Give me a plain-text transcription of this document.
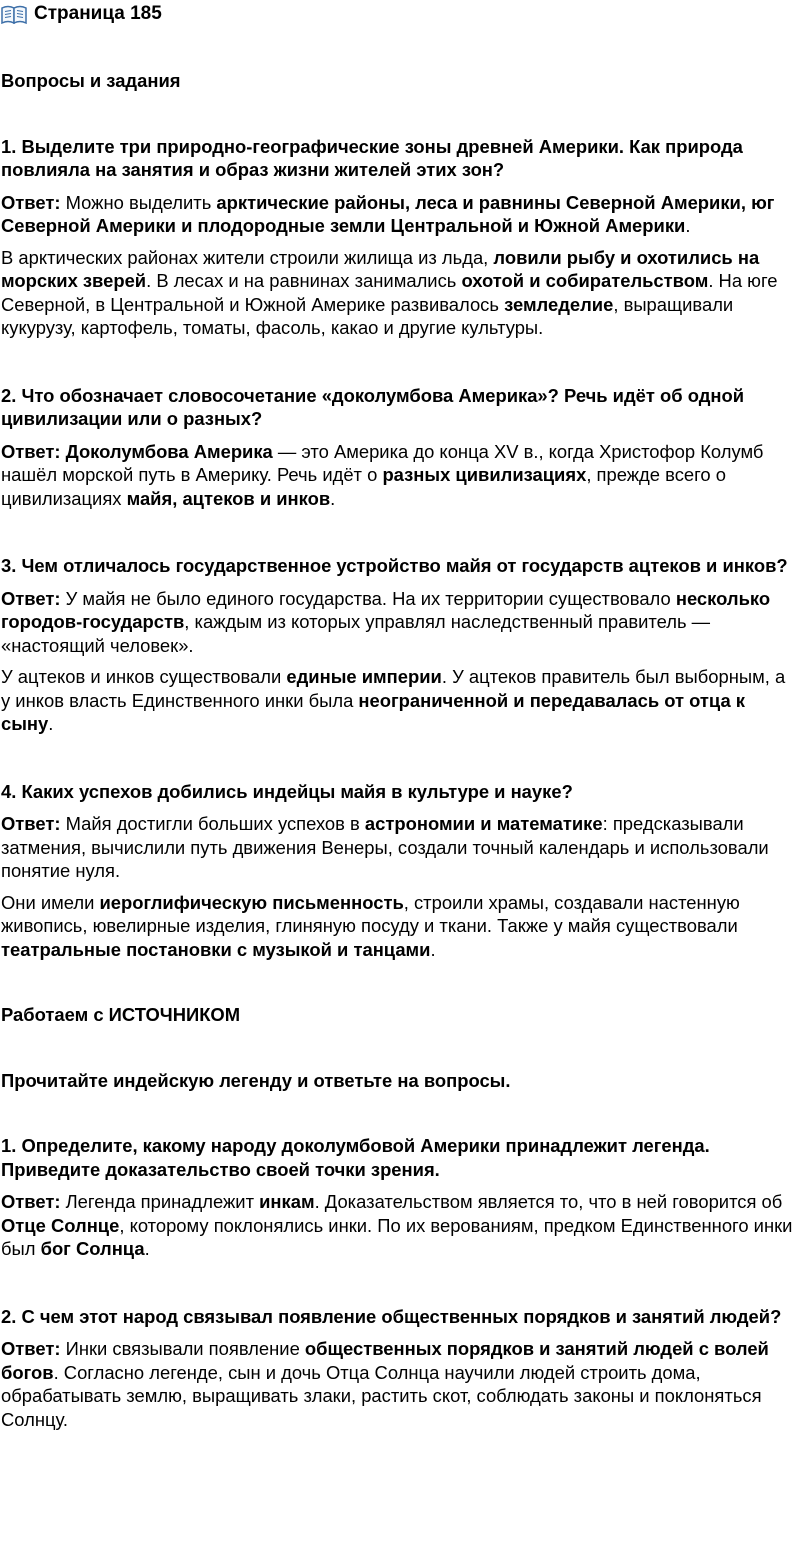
Страница 185
Вопросы и задания
1. Выделите три природно-географические зоны древней Америки. Как природа повлияла на занятия и образ жизни жителей этих зон?

Ответ: Можно выделить арктические районы, леса и равнины Северной Америки, юг Северной Америки и плодородные земли Центральной и Южной Америки.

В арктических районах жители строили жилища из льда, ловили рыбу и охотились на морских зверей. В лесах и на равнинах занимались охотой и собирательством. На юге Северной, в Центральной и Южной Америке развивалось земледелие, выращивали кукурузу, картофель, томаты, фасоль, какао и другие культуры.

2. Что обозначает словосочетание «доколумбова Америка»? Речь идёт об одной цивилизации или о разных?

Ответ: Доколумбова Америка — это Америка до конца XV в., когда Христофор Колумб нашёл морской путь в Америку. Речь идёт о разных цивилизациях, прежде всего о цивилизациях майя, ацтеков и инков.

3. Чем отличалось государственное устройство майя от государств ацтеков и инков?

Ответ: У майя не было единого государства. На их территории существовало несколько городов-государств, каждым из которых управлял наследственный правитель — «настоящий человек».

У ацтеков и инков существовали единые империи. У ацтеков правитель был выборным, а у инков власть Единственного инки была неограниченной и передавалась от отца к сыну.

4. Каких успехов добились индейцы майя в культуре и науке?

Ответ: Майя достигли больших успехов в астрономии и математике: предсказывали затмения, вычислили путь движения Венеры, создали точный календарь и использовали понятие нуля.

Они имели иероглифическую письменность, строили храмы, создавали настенную живопись, ювелирные изделия, глиняную посуду и ткани. Также у майя существовали театральные постановки с музыкой и танцами.

Работаем с ИСТОЧНИКОМ
Прочитайте индейскую легенду и ответьте на вопросы.
1. Определите, какому народу доколумбовой Америки принадлежит легенда. Приведите доказательство своей точки зрения.

Ответ: Легенда принадлежит инкам. Доказательством является то, что в ней говорится об Отце Солнце, которому поклонялись инки. По их верованиям, предком Единственного инки был бог Солнца.

2. С чем этот народ связывал появление общественных порядков и занятий людей?

Ответ: Инки связывали появление общественных порядков и занятий людей с волей богов. Согласно легенде, сын и дочь Отца Солнца научили людей строить дома, обрабатывать землю, выращивать злаки, растить скот, соблюдать законы и поклоняться Солнцу.
